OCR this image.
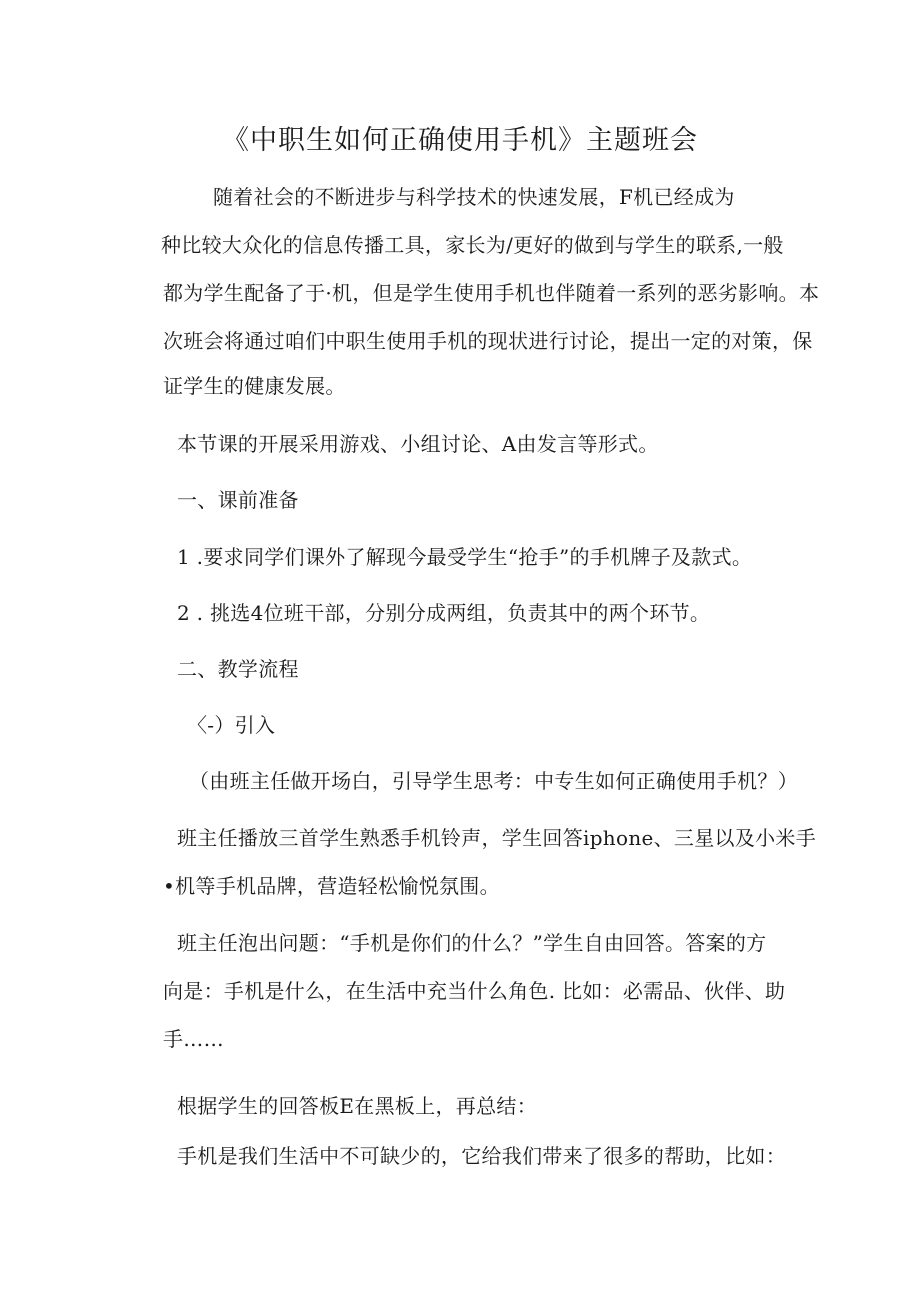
《中职生如何正确使用手机》主题班会
随着社会的不断进步与科学技术的快速发展，F机已经成为
种比较大众化的信息传播工具，家长为/更好的做到与学生的联系,一般
都为学生配备了于·机，但是学生使用手机也伴随着一系列的恶劣影响。本
次班会将通过咱们中职生使用手机的现状进行讨论，提出一定的对策，保
证学生的健康发展。
本节课的开展采用游戏、小组讨论、A由发言等形式。
一、课前准备
1 .要求同学们课外了解现今最受学生“抢手”的手机牌子及款式。
2 . 挑选4位班干部，分别分成两组，负责其中的两个环节。
二、教学流程
〈-）引入
（由班主任做开场白，引导学生思考：中专生如何正确使用手机？）
班主任播放三首学生熟悉手机铃声，学生回答iphone、三星以及小米手
•机等手机品牌，营造轻松愉悦氛围。
班主任泡出问题：“手机是你们的什么？”学生自由回答。答案的方
向是：手机是什么，在生活中充当什么角色. 比如：必需品、伙伴、助
手……
根据学生的回答板E在黑板上，再总结：
手机是我们生活中不可缺少的，它给我们带来了很多的帮助，比如：
